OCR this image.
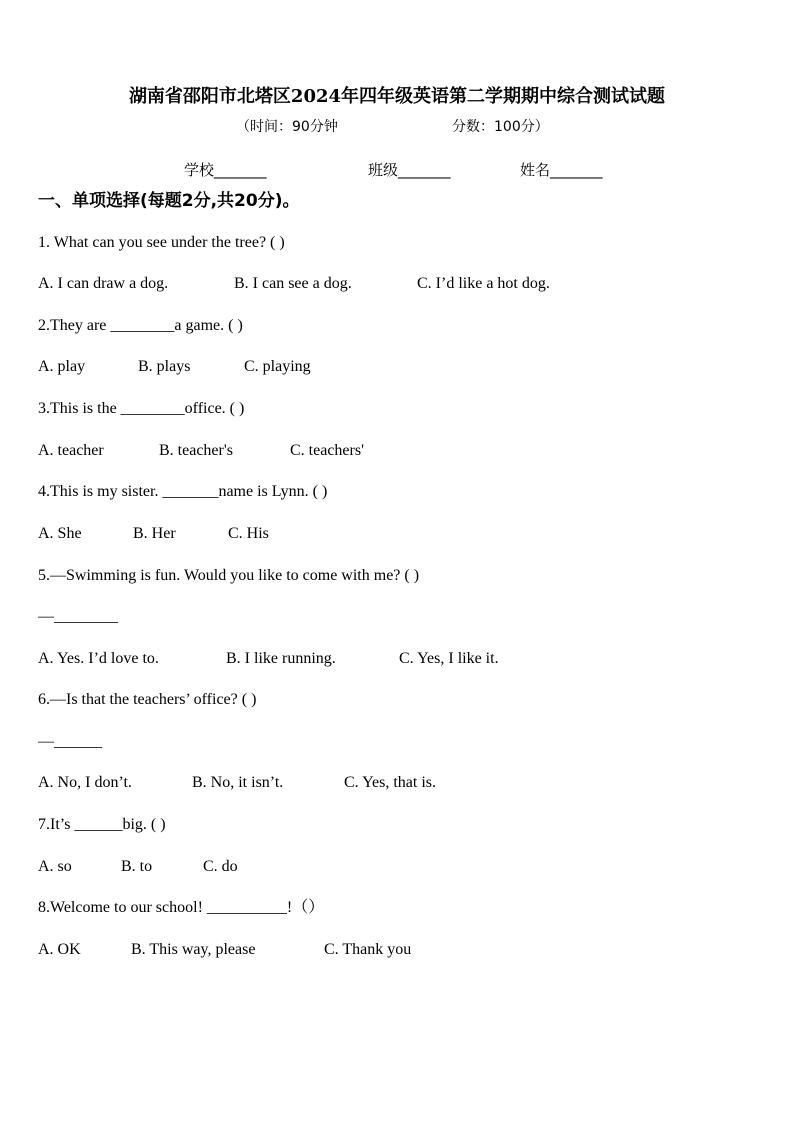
湖南省邵阳市北塔区2024年四年级英语第二学期期中综合测试试题
（时间：90分钟	分数：100分）
学校_______	班级_______	姓名_______
一、单项选择(每题2分,共20分)。
1. What can you see under the tree? ( )
A. I can draw a dog.	B. I can see a dog.	C. I’d like a hot dog.
2.They are ________a game. ( )
A. play	B. plays	C. playing
3.This is the ________office. ( )
A. teacher	B. teacher's	C. teachers'
4.This is my sister. _______name is Lynn. ( )
A. She	B. Her	C. His
5.—Swimming is fun. Would you like to come with me? ( )
—________
A. Yes. I’d love to.	B. I like running.	C. Yes, I like it.
6.—Is that the teachers’ office? ( )
—______
A. No, I don’t.	B. No, it isn’t.	C. Yes, that is.
7.It’s ______big. ( )
A. so	B. to	C. do
8.Welcome to our school! __________!（）
A. OK	B. This way, please	C. Thank you
